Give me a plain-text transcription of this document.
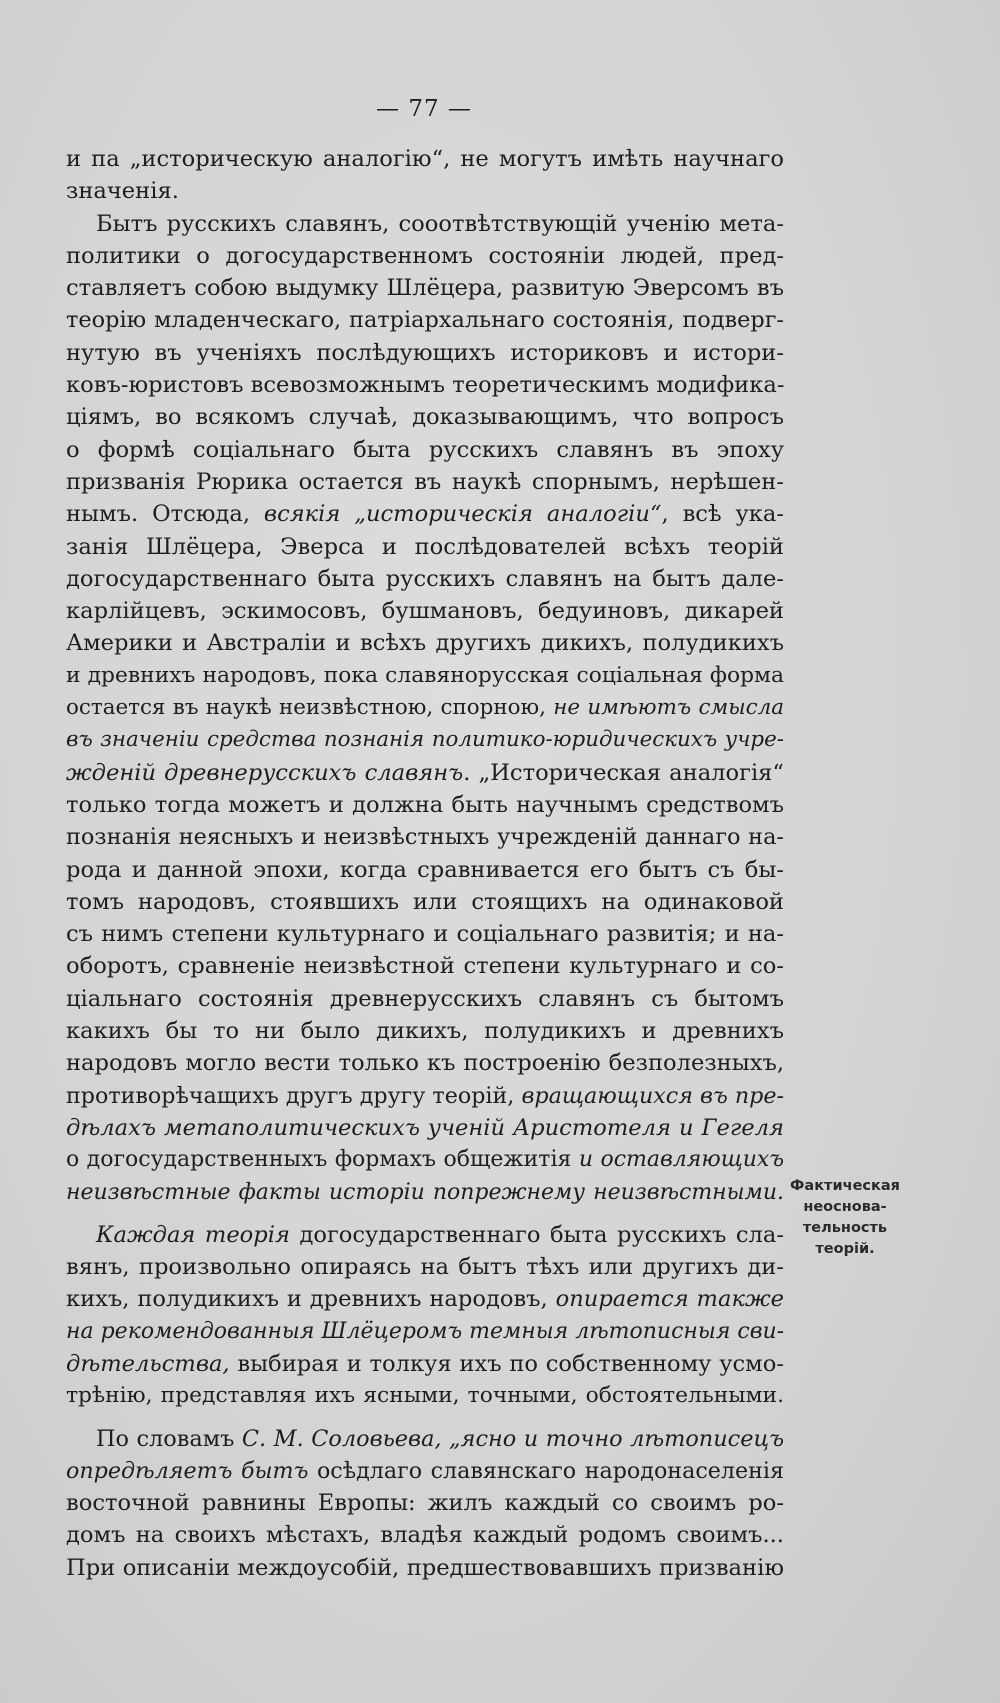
— 77 —
и па „историческую аналогію“, не могутъ имѣть научнаго
значенія.
Бытъ русскихъ славянъ, сооотвѣтствующій ученію мета-
политики о догосударственномъ состояніи людей, пред-
ставляетъ собою выдумку Шлёцера, развитую Эверсомъ въ
теорію младенческаго, патріархальнаго состоянія, подверг-
нутую въ ученіяхъ послѣдующихъ историковъ и истори-
ковъ-юристовъ всевозможнымъ теоретическимъ модифика-
ціямъ, во всякомъ случаѣ, доказывающимъ, что вопросъ
о формѣ соціальнаго быта русскихъ славянъ въ эпоху
призванія Рюрика остается въ наукѣ спорнымъ, нерѣшен-
нымъ. Отсюда, всякія „историческія аналогіи“, всѣ ука-
занія Шлёцера, Эверса и послѣдователей всѣхъ теорій
догосударственнаго быта русскихъ славянъ на бытъ дале-
карлійцевъ, эскимосовъ, бушмановъ, бедуиновъ, дикарей
Америки и Австраліи и всѣхъ другихъ дикихъ, полудикихъ
и древнихъ народовъ, пока славянорусская соціальная форма
остается въ наукѣ неизвѣстною, спорною, не имѣютъ смысла
въ значеніи средства познанія политико-юридическихъ учре-
жденій древнерусскихъ славянъ. „Историческая аналогія“
только тогда можетъ и должна быть научнымъ средствомъ
познанія неясныхъ и неизвѣстныхъ учрежденій даннаго на-
рода и данной эпохи, когда сравнивается его бытъ съ бы-
томъ народовъ, стоявшихъ или стоящихъ на одинаковой
съ нимъ степени культурнаго и соціальнаго развитія; и на-
оборотъ, сравненіе неизвѣстной степени культурнаго и со-
ціальнаго состоянія древнерусскихъ славянъ съ бытомъ
какихъ бы то ни было дикихъ, полудикихъ и древнихъ
народовъ могло вести только къ построенію безполезныхъ,
противорѣчащихъ другъ другу теорій, вращающихся въ пре-
дѣлахъ метаполитическихъ ученій Аристотеля и Гегеля
о догосударственныхъ формахъ общежитія и оставляющихъ
неизвѣстные факты исторіи попрежнему неизвѣстными.
Каждая теорія догосударственнаго быта русскихъ сла-
вянъ, произвольно опираясь на бытъ тѣхъ или другихъ ди-
кихъ, полудикихъ и древнихъ народовъ, опирается также
на рекомендованныя Шлёцеромъ темныя лѣтописныя сви-
дѣтельства, выбирая и толкуя ихъ по собственному усмо-
трѣнію, представляя ихъ ясными, точными, обстоятельными.
По словамъ С. М. Соловьева, „ясно и точно лѣтописецъ
опредѣляетъ бытъ осѣдлаго славянскаго народонаселенія
восточной равнины Европы: жилъ каждый со своимъ ро-
домъ на своихъ мѣстахъ, владѣя каждый родомъ своимъ...
При описаніи междоусобій, предшествовавшихъ призванію
Фактическая
неоснова-
тельность
теорій.
